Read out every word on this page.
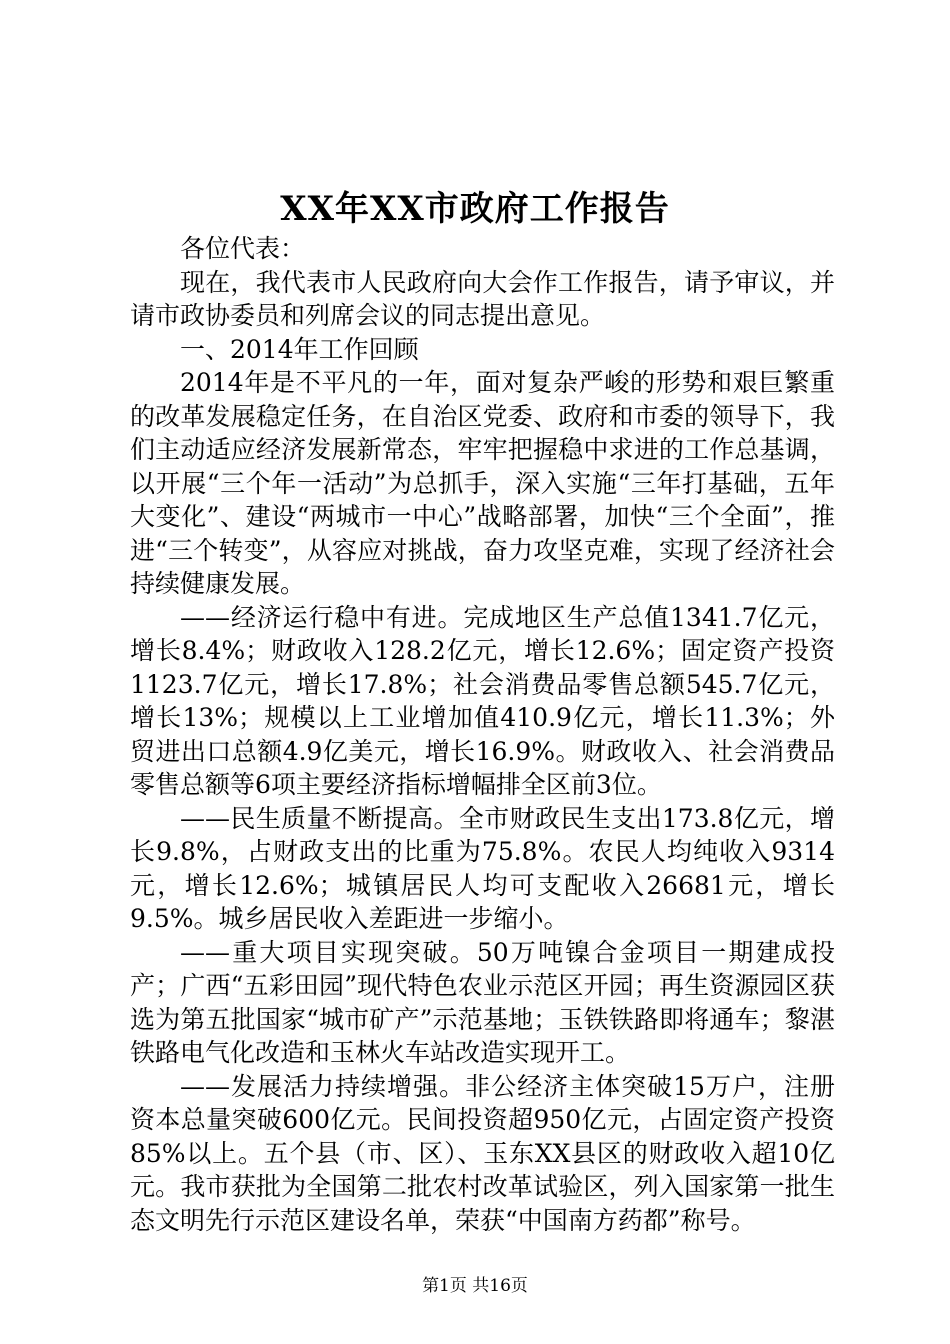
XX年XX市政府工作报告

各位代表：

现在，我代表市人民政府向大会作工作报告，请予审议，并请市政协委员和列席会议的同志提出意见。

一、2014年工作回顾

2014年是不平凡的一年，面对复杂严峻的形势和艰巨繁重的改革发展稳定任务，在自治区党委、政府和市委的领导下，我们主动适应经济发展新常态，牢牢把握稳中求进的工作总基调，以开展“三个年一活动”为总抓手，深入实施“三年打基础，五年大变化”、建设“两城市一中心”战略部署，加快“三个全面”，推进“三个转变”，从容应对挑战，奋力攻坚克难，实现了经济社会持续健康发展。

——经济运行稳中有进。完成地区生产总值1341.7亿元，增长8.4%；财政收入128.2亿元，增长12.6%；固定资产投资1123.7亿元，增长17.8%；社会消费品零售总额545.7亿元，增长13%；规模以上工业增加值410.9亿元，增长11.3%；外贸进出口总额4.9亿美元，增长16.9%。财政收入、社会消费品零售总额等6项主要经济指标增幅排全区前3位。

——民生质量不断提高。全市财政民生支出173.8亿元，增长9.8%，占财政支出的比重为75.8%。农民人均纯收入9314元，增长12.6%；城镇居民人均可支配收入26681元，增长9.5%。城乡居民收入差距进一步缩小。

——重大项目实现突破。50万吨镍合金项目一期建成投产；广西“五彩田园”现代特色农业示范区开园；再生资源园区获选为第五批国家“城市矿产”示范基地；玉铁铁路即将通车；黎湛铁路电气化改造和玉林火车站改造实现开工。

——发展活力持续增强。非公经济主体突破15万户，注册资本总量突破600亿元。民间投资超950亿元，占固定资产投资85%以上。五个县（市、区）、玉东XX县区的财政收入超10亿元。我市获批为全国第二批农村改革试验区，列入国家第一批生态文明先行示范区建设名单，荣获“中国南方药都”称号。

第1页 共16页
